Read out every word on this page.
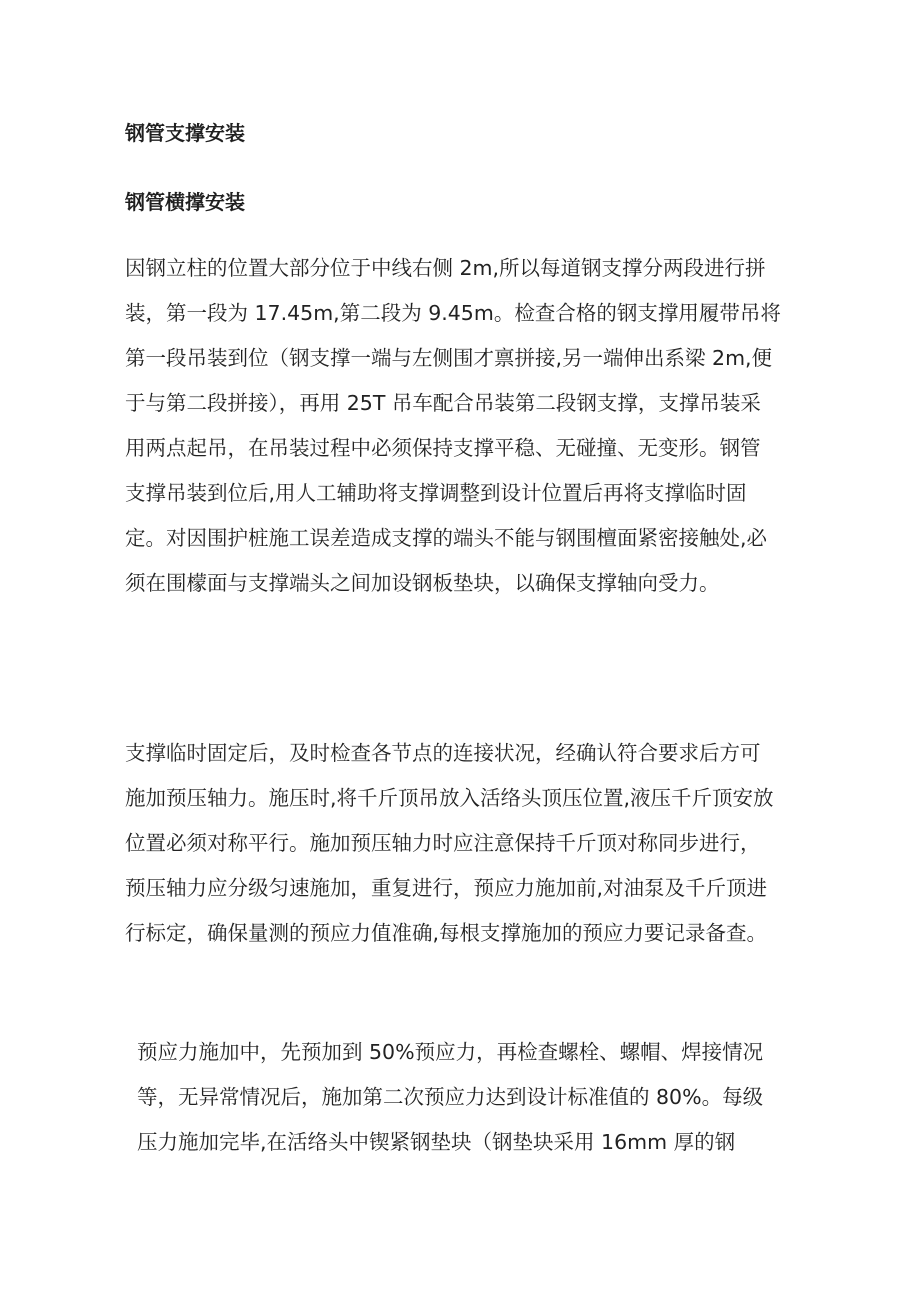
钢管支撑安装
钢管横撑安装
因钢立柱的位置大部分位于中线右侧 2m,所以每道钢支撑分两段进行拼
装，第一段为 17.45m,第二段为 9.45m。检查合格的钢支撑用履带吊将
第一段吊装到位（钢支撑一端与左侧围才禀拼接,另一端伸出系梁 2m,便
于与第二段拼接），再用 25T 吊车配合吊装第二段钢支撑，支撑吊装采
用两点起吊，在吊装过程中必须保持支撑平稳、无碰撞、无变形。钢管
支撑吊装到位后,用人工辅助将支撑调整到设计位置后再将支撑临时固
定。对因围护桩施工误差造成支撑的端头不能与钢围檀面紧密接触处,必
须在围檬面与支撑端头之间加设钢板垫块，以确保支撑轴向受力。
支撑临时固定后，及时检查各节点的连接状况，经确认符合要求后方可
施加预压轴力。施压时,将千斤顶吊放入活络头顶压位置,液压千斤顶安放
位置必须对称平行。施加预压轴力时应注意保持千斤顶对称同步进行，
预压轴力应分级匀速施加，重复进行，预应力施加前,对油泵及千斤顶进
行标定，确保量测的预应力值准确,每根支撑施加的预应力要记录备查。
预应力施加中，先预加到 50%预应力，再检查螺栓、螺帽、焊接情况
等，无异常情况后，施加第二次预应力达到设计标准值的 80%。每级
压力施加完毕,在活络头中锲紧钢垫块（钢垫块采用 16mm 厚的钢
